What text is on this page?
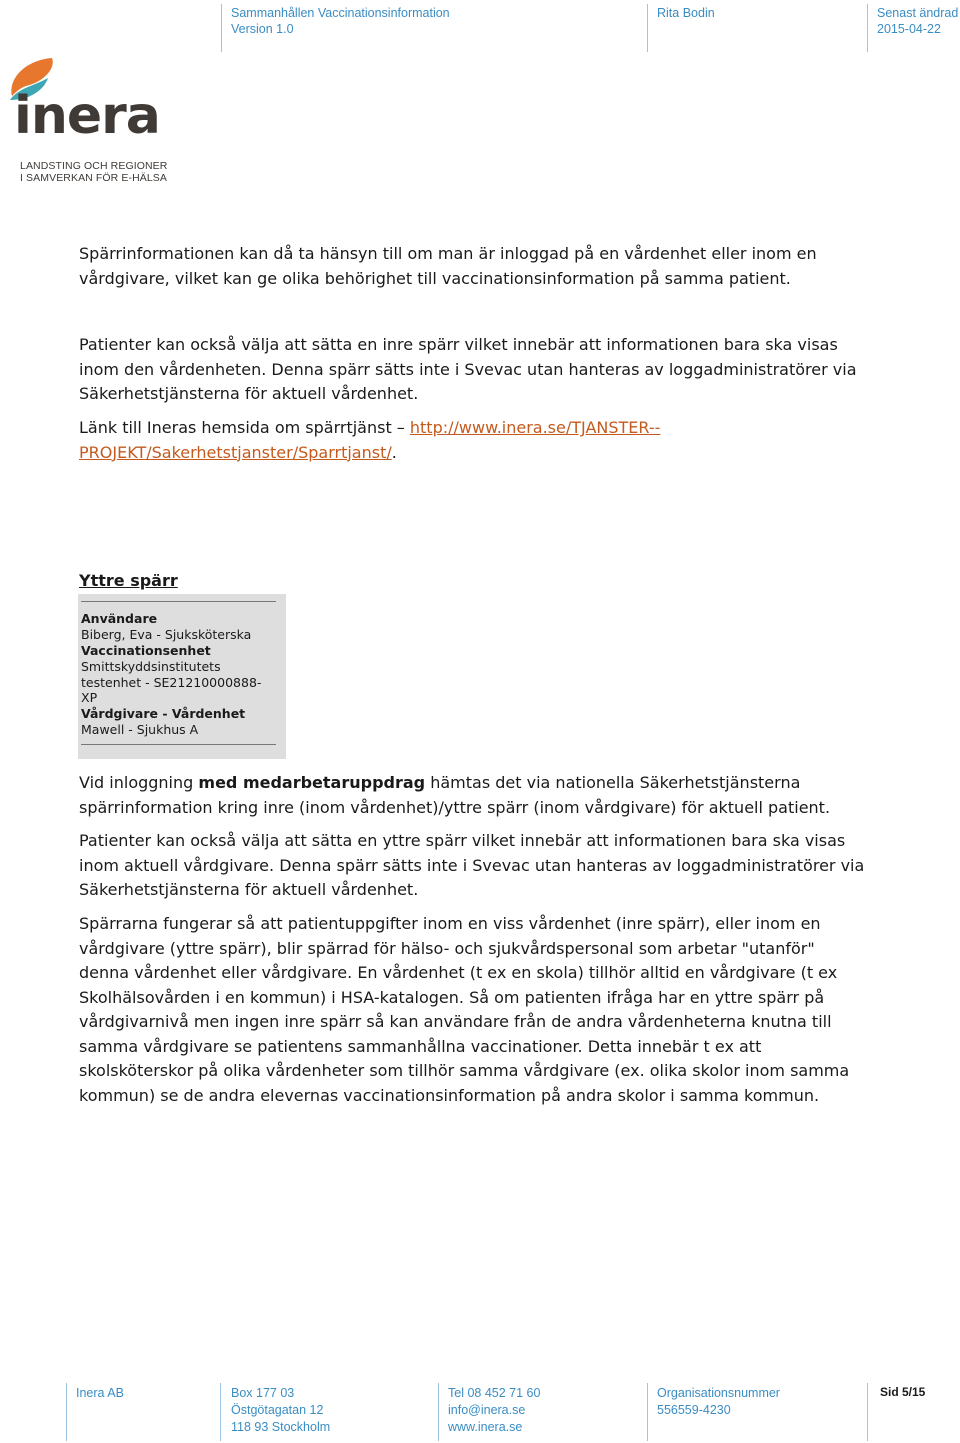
Sammanhållen Vaccinationsinformation
Version 1.0
Rita Bodin	Senast ändrad
2015-04-22
inera
LANDSTING OCH REGIONER
I SAMVERKAN FÖR E-HÄLSA

Spärrinformationen kan då ta hänsyn till om man är inloggad på en vårdenhet eller inom en vårdgivare, vilket kan ge olika behörighet till vaccinationsinformation på samma patient.

Patienter kan också välja att sätta en inre spärr vilket innebär att informationen bara ska visas inom den vårdenheten. Denna spärr sätts inte i Svevac utan hanteras av loggadministratörer via Säkerhetstjänsterna för aktuell vårdenhet.

Länk till Ineras hemsida om spärrtjänst – http://www.inera.se/TJANSTER--
PROJEKT/Sakerhetstjanster/Sparrtjanst/.

Yttre spärr

Användare
Biberg, Eva - Sjuksköterska
Vaccinationsenhet
Smittskyddsinstitutets
testenhet - SE21210000888-
XP
Vårdgivare - Vårdenhet
Mawell - Sjukhus A

Vid inloggning med medarbetaruppdrag hämtas det via nationella Säkerhetstjänsterna spärrinformation kring inre (inom vårdenhet)/yttre spärr (inom vårdgivare) för aktuell patient.

Patienter kan också välja att sätta en yttre spärr vilket innebär att informationen bara ska visas inom aktuell vårdgivare. Denna spärr sätts inte i Svevac utan hanteras av loggadministratörer via Säkerhetstjänsterna för aktuell vårdenhet.

Spärrarna fungerar så att patientuppgifter inom en viss vårdenhet (inre spärr), eller inom en vårdgivare (yttre spärr), blir spärrad för hälso- och sjukvårdspersonal som arbetar "utanför" denna vårdenhet eller vårdgivare. En vårdenhet (t ex en skola) tillhör alltid en vårdgivare (t ex Skolhälsovården i en kommun) i HSA-katalogen. Så om patienten ifråga har en yttre spärr på vårdgivarnivå men ingen inre spärr så kan användare från de andra vårdenheterna knutna till samma vårdgivare se patientens sammanhållna vaccinationer. Detta innebär t ex att skolsköterskor på olika vårdenheter som tillhör samma vårdgivare (ex. olika skolor inom samma kommun) se de andra elevernas vaccinationsinformation på andra skolor i samma kommun.

Inera AB	Box 177 03
Östgötagatan 12
118 93 Stockholm
Tel 08 452 71 60
info@inera.se
www.inera.se
Organisationsnummer
556559-4230
Sid 5/15
